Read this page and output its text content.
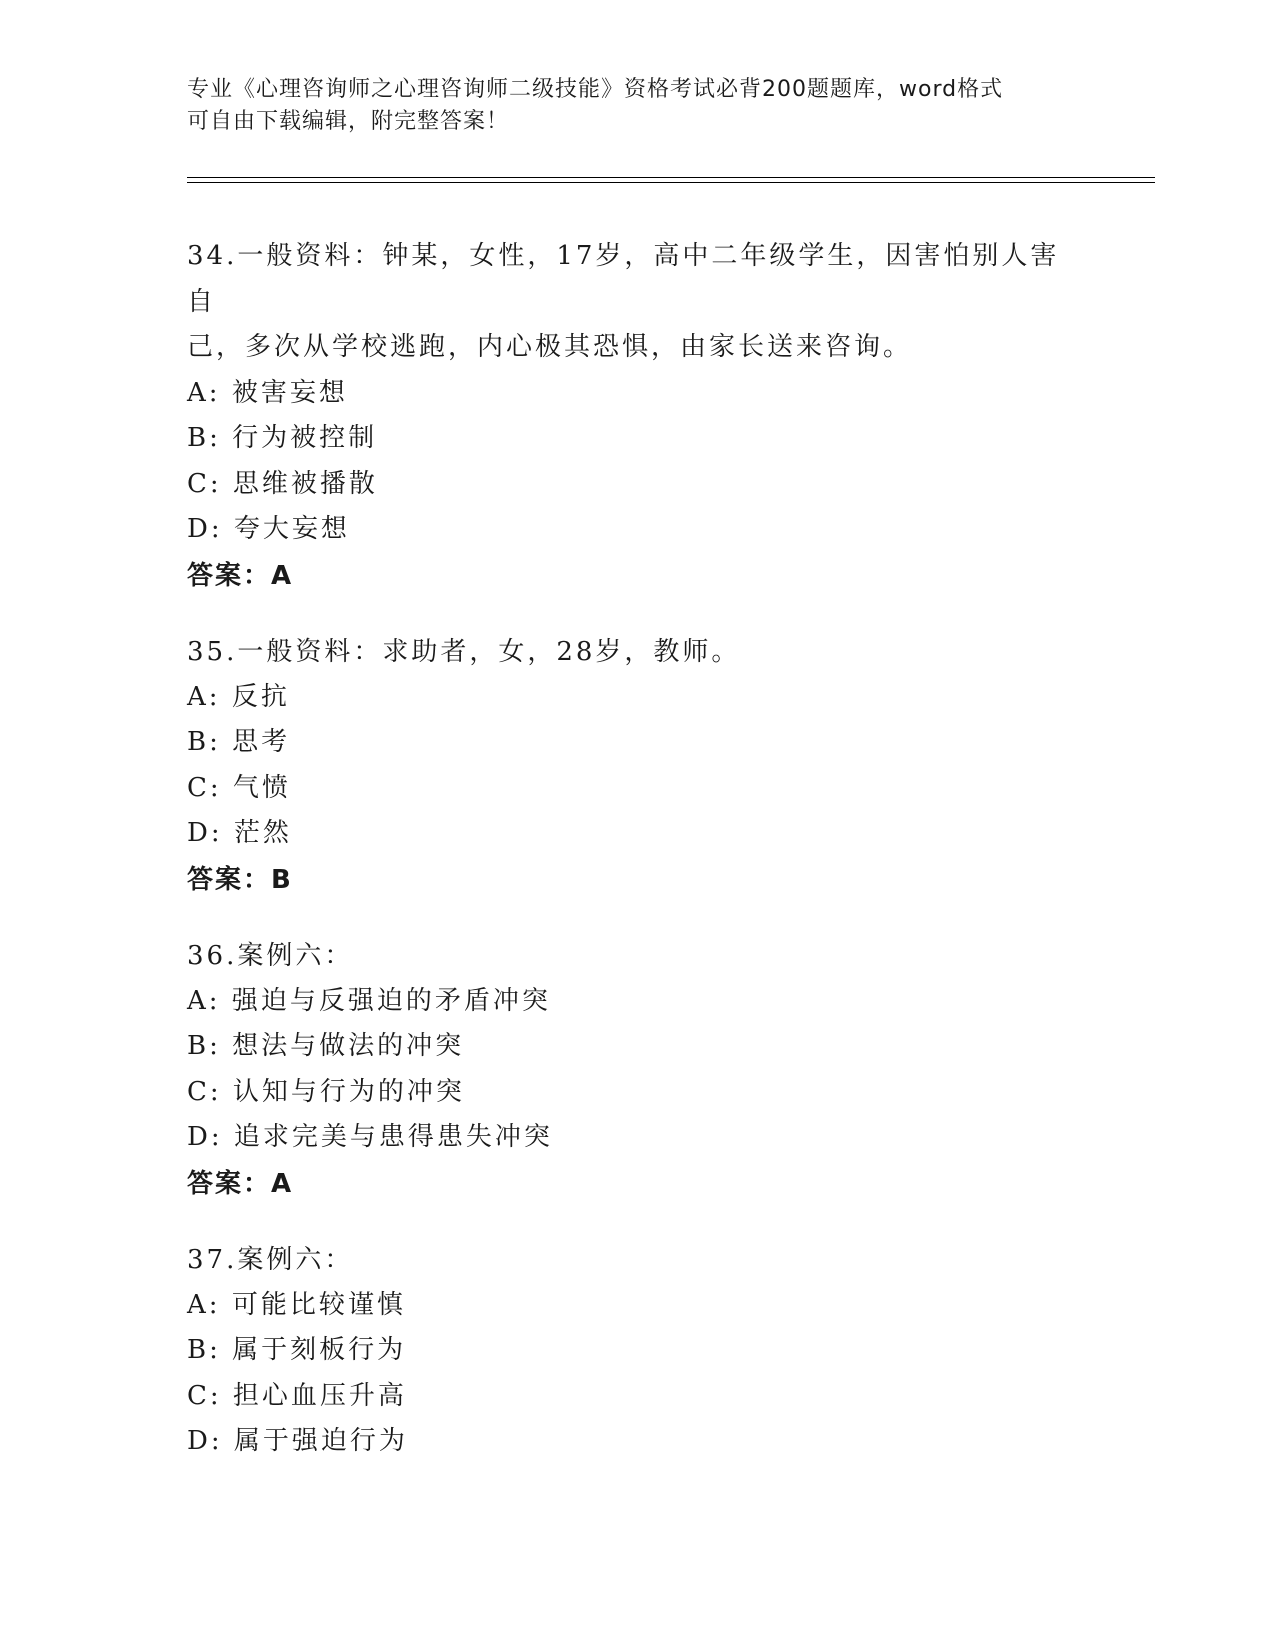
专业《心理咨询师之心理咨询师二级技能》资格考试必背200题题库，word格式
可自由下载编辑，附完整答案！
34.一般资料：钟某，女性，17岁，高中二年级学生，因害怕别人害自
己，多次从学校逃跑，内心极其恐惧，由家长送来咨询。
A: 被害妄想
B: 行为被控制
C: 思维被播散
D: 夸大妄想
答案：A
35.一般资料：求助者，女，28岁，教师。
A: 反抗
B: 思考
C: 气愤
D: 茫然
答案：B
36.案例六：
A: 强迫与反强迫的矛盾冲突
B: 想法与做法的冲突
C: 认知与行为的冲突
D: 追求完美与患得患失冲突
答案：A
37.案例六：
A: 可能比较谨慎
B: 属于刻板行为
C: 担心血压升高
D: 属于强迫行为
